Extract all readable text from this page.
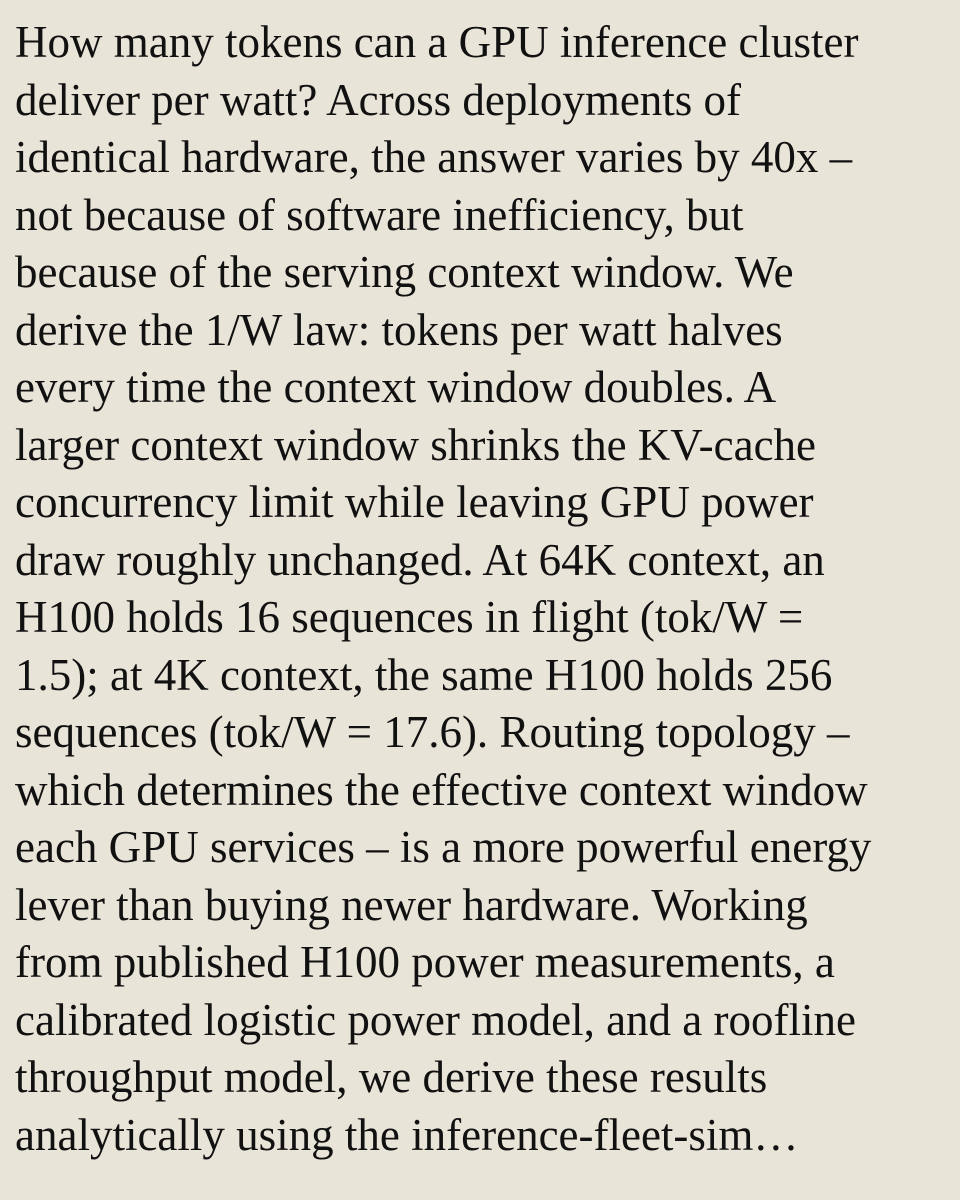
How many tokens can a GPU inference cluster
deliver per watt? Across deployments of
identical hardware, the answer varies by 40x –
not because of software inefficiency, but
because of the serving context window. We
derive the 1/W law: tokens per watt halves
every time the context window doubles. A
larger context window shrinks the KV-cache
concurrency limit while leaving GPU power
draw roughly unchanged. At 64K context, an
H100 holds 16 sequences in flight (tok/W =
1.5); at 4K context, the same H100 holds 256
sequences (tok/W = 17.6). Routing topology –
which determines the effective context window
each GPU services – is a more powerful energy
lever than buying newer hardware. Working
from published H100 power measurements, a
calibrated logistic power model, and a roofline
throughput model, we derive these results
analytically using the inference-fleet-sim…
